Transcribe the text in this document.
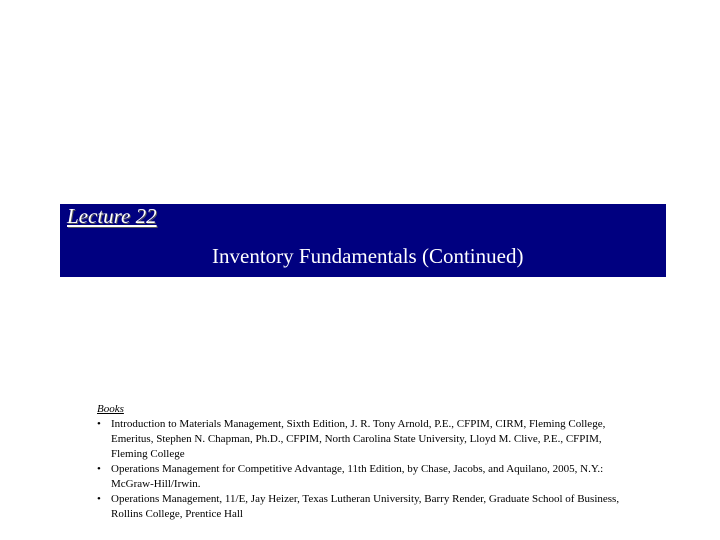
Lecture 22
Inventory Fundamentals (Continued)

Books

• Introduction to Materials Management, Sixth Edition, J. R. Tony Arnold, P.E., CFPIM, CIRM, Fleming College, Emeritus, Stephen N. Chapman, Ph.D., CFPIM, North Carolina State University, Lloyd M. Clive, P.E., CFPIM, Fleming College
• Operations Management for Competitive Advantage, 11th Edition, by Chase, Jacobs, and Aquilano, 2005, N.Y.: McGraw-Hill/Irwin.
• Operations Management, 11/E, Jay Heizer, Texas Lutheran University, Barry Render, Graduate School of Business, Rollins College, Prentice Hall
